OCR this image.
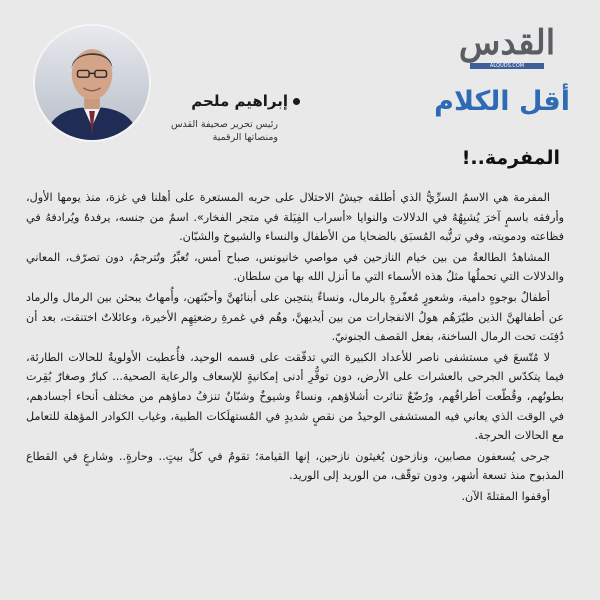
القدس
ALQUDS.COM
أقل الكلام
إبراهيم ملحم
رئيس تحرير صحيفة القدس
ومنصاتها الرقمية
المفرمة..!

المفرمة هي الاسمُ السرِّيُّ الذي أطلقه جيشُ الاحتلال على حربه المستعرة على أهلنا في غزة، منذ يومها الأول، وأرفقه باسمٍ آخرَ يُشبِهُهُ في الدلالات والنوايا «أسراب الفِيَلة في متجر الفخار». اسمٌ من جنسه، يرفدهُ ويُرادفهُ في فظاعته ودمويته، وفي ترتُّبه المُسبَق بالضحايا من الأطفال والنساء والشيوخ والشبّان.

المشاهدُ الطالعةُ من بين خيام النازحين في مواصي خانيونس، صباح أمس، تُعبِّرُ وتُترجمُ، دون تصرّف، المعاني والدلالات التي تحملُها مثلُ هذه الأسماء التي ما أنزل الله بها من سلطان.

أطفالٌ بوجوهٍ دامية، وشعورٍ مُعفّرةٍ بالرمال، ونساءٌ ينتحِبن على أبنائهنَّ وأحبّتهن، وأُمهاتٌ يبحثن بين الرمال والرماد عن أطفالهنَّ الذين طيّرَهُم هولُ الانفجارات من بين أيديهنَّ، وهُم في غمرةِ رضعتِهِم الأخيرة، وعائلاتٌ اختنقت، بعد أن دُفِنَت تحت الرمال الساخنة، بفعل القصف الجنونيّ.

لا مُتّسعَ في مستشفى ناصر للأعداد الكبيرة التي تدفّقت على قسمه الوحيد، فأُعطيت الأولويةُ للحالات الطارئة، فيما يتكدّس الجرحى بالعشرات على الأرض، دون توفُّرِ أدنى إمكانيةٍ للإسعاف والرعاية الصحية... كبارٌ وصغارٌ بُقِرت بطونُهم، وقُطّعت أطرافُهم، ورُضّعٌ تناثرت أشلاؤهم، ونساءٌ وشيوخٌ وشبّانٌ تنزفُ دماؤهم من مختلف أنحاء أجسادهم، في الوقت الذي يعاني فيه المستشفى الوحيدُ من نقصٍ شديدٍ في المُستهلَكات الطبية، وغياب الكوادر المؤهلة للتعامل مع الحالات الحرجة.

جرحى يُسعفون مصابين، ونازحون يُغيثون نازحين، إنها القيامة؛ تقومُ في كلِّ بيتٍ.. وحارةٍ.. وشارعٍ في القطاع المذبوح منذ تسعة أشهر، ودون توقّف، من الوريد إلى الوريد.

أوقفوا المقتلةَ الآن.
